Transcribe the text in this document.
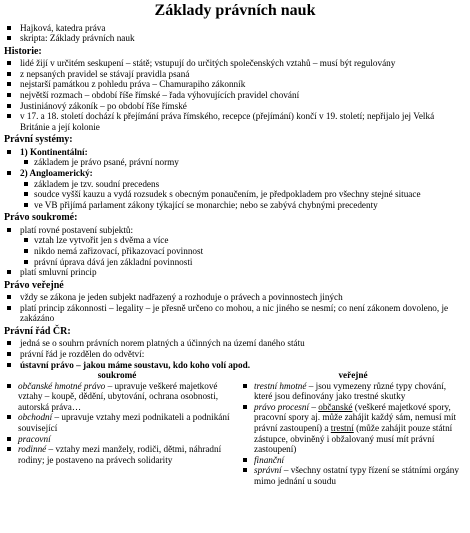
Základy právních nauk
Hajková, katedra práva
skripta: Základy právních nauk
Historie:
lidé žijí v určitém seskupení – státě; vstupují do určitých společenských vztahů – musí být regulovány
z nepsaných pravidel se stávají pravidla psaná
nejstarší památkou z pohledu práva – Chamurapiho zákonník
největší rozmach – období říše římské – řada výhovujících pravidel chování
Justiniánový zákoník – po období říše římské
v 17. a 18. století dochází k přejímání práva římského, recepce (přejímání) končí v 19. století; nepřijalo jej Velká Británie a její kolonie
Právní systémy:
1) Kontinentální:
základem je právo psané, právní normy
2) Angloamerický:
základem je tzv. soudní precedens
soudce vyšší kauzu a vydá rozsudek s obecným ponaučením, je předpokladem pro všechny stejné situace
ve VB přijímá parlament zákony týkající se monarchie; nebo se zabývá chybnými precedenty
Právo soukromé:
platí rovné postavení subjektů:
vztah lze vytvořit jen s dvěma a více
nikdo nemá zařizovací, přikazovací povinnost
právní úprava dává jen základní povinnosti
platí smluvní princip
Právo veřejné
vždy se zákona je jeden subjekt nadřazený a rozhoduje o právech a povinnostech jiných
platí princip zákonnosti – legality – je přesně určeno co mohou, a nic jiného se nesmí; co není zákonem dovoleno, je zakázáno
Právní řád ČR:
jedná se o souhrn právních norem platných a účinných na území daného státu
právní řád je rozdělen do odvětví:
ústavní právo – jakou máme soustavu, kdo koho volí apod.
soukromé
občanské hmotné právo – upravuje veškeré majetkové vztahy – koupě, dědění, ubytování, ochrana osobnosti, autorská práva…
obchodní – upravuje vztahy mezi podnikateli a podnikání související
pracovní
rodinné – vztahy mezi manžely, rodiči, dětmi, náhradní rodiny; je postaveno na právech solidarity
veřejné
trestní hmotné – jsou vymezeny různé typy chování, které jsou definovány jako trestné skutky
právo procesní – občanské (veškeré majetkové spory, pracovní spory aj. může zahájit každý sám, nemusí mít právní zastoupení) a trestní (může zahájit pouze státní zástupce, obviněný i obžalovaný musí mít právní zastoupení)
finanční
správní – všechny ostatní typy řízení se státními orgány mimo jednání u soudu
